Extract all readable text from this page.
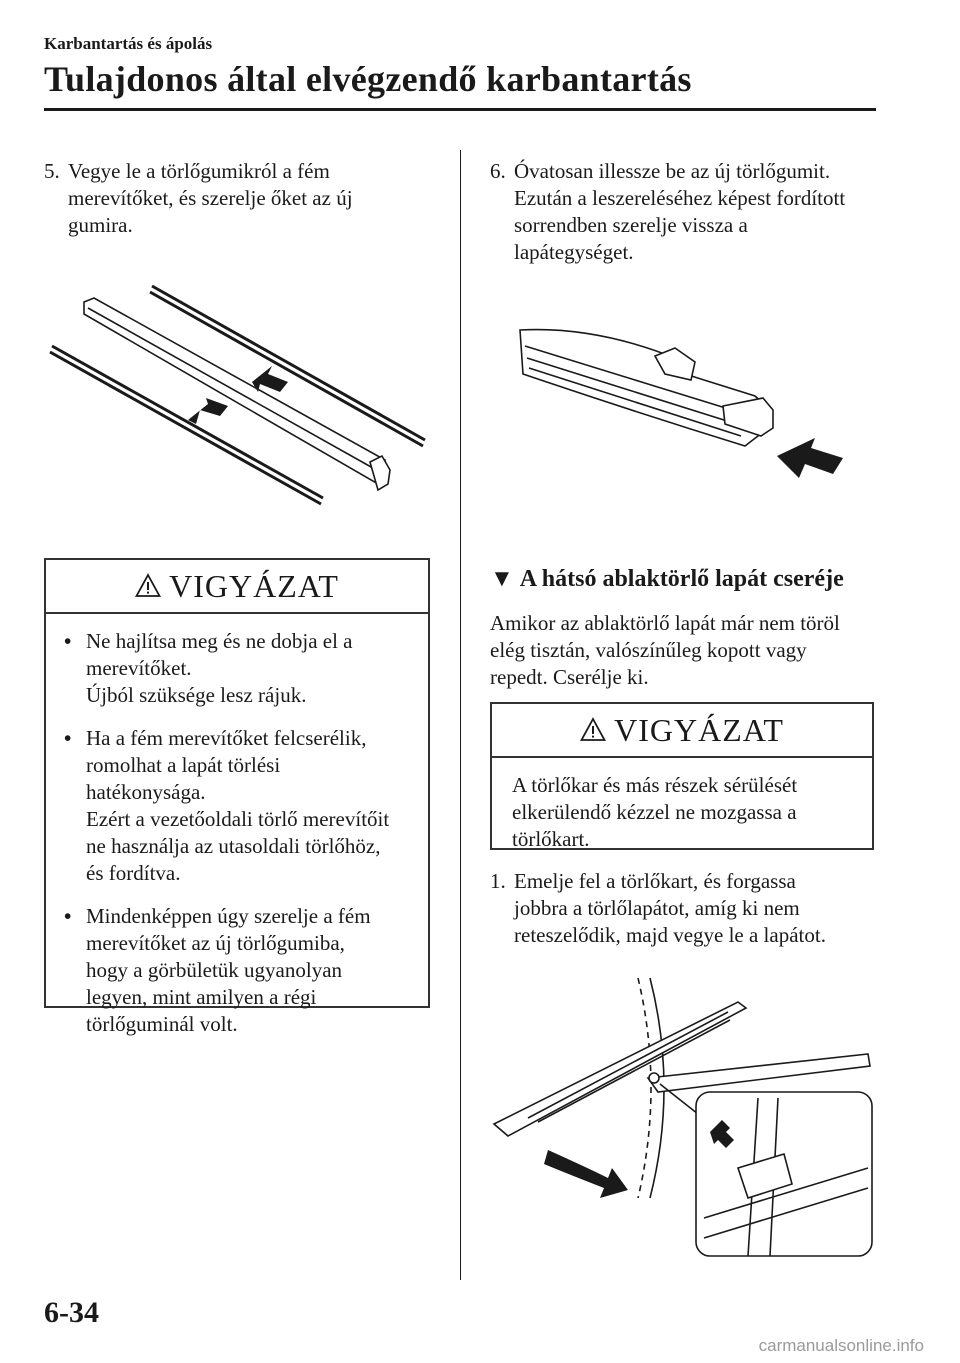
Karbantartás és ápolás
Tulajdonos által elvégzendő karbantartás
5. Vegye le a törlőgumikról a fém
merevítőket, és szerelje őket az új
gumira.
VIGYÁZAT
• Ne hajlítsa meg és ne dobja el a
merevítőket.
Újból szüksége lesz rájuk.
• Ha a fém merevítőket felcserélik,
romolhat a lapát törlési
hatékonysága.
Ezért a vezetőoldali törlő merevítőit
ne használja az utasoldali törlőhöz,
és fordítva.
• Mindenképpen úgy szerelje a fém
merevítőket az új törlőgumiba,
hogy a görbületük ugyanolyan
legyen, mint amilyen a régi
törlőguminál volt.
6. Óvatosan illessze be az új törlőgumit.
Ezután a leszereléséhez képest fordított
sorrendben szerelje vissza a
lapátegységet.
▼ A hátsó ablaktörlő lapát cseréje
Amikor az ablaktörlő lapát már nem töröl
elég tisztán, valószínűleg kopott vagy
repedt. Cserélje ki.
VIGYÁZAT
A törlőkar és más részek sérülését
elkerülendő kézzel ne mozgassa a
törlőkart.
1. Emelje fel a törlőkart, és forgassa
jobbra a törlőlapátot, amíg ki nem
reteszelődik, majd vegye le a lapátot.
6-34
carmanualsonline.info
